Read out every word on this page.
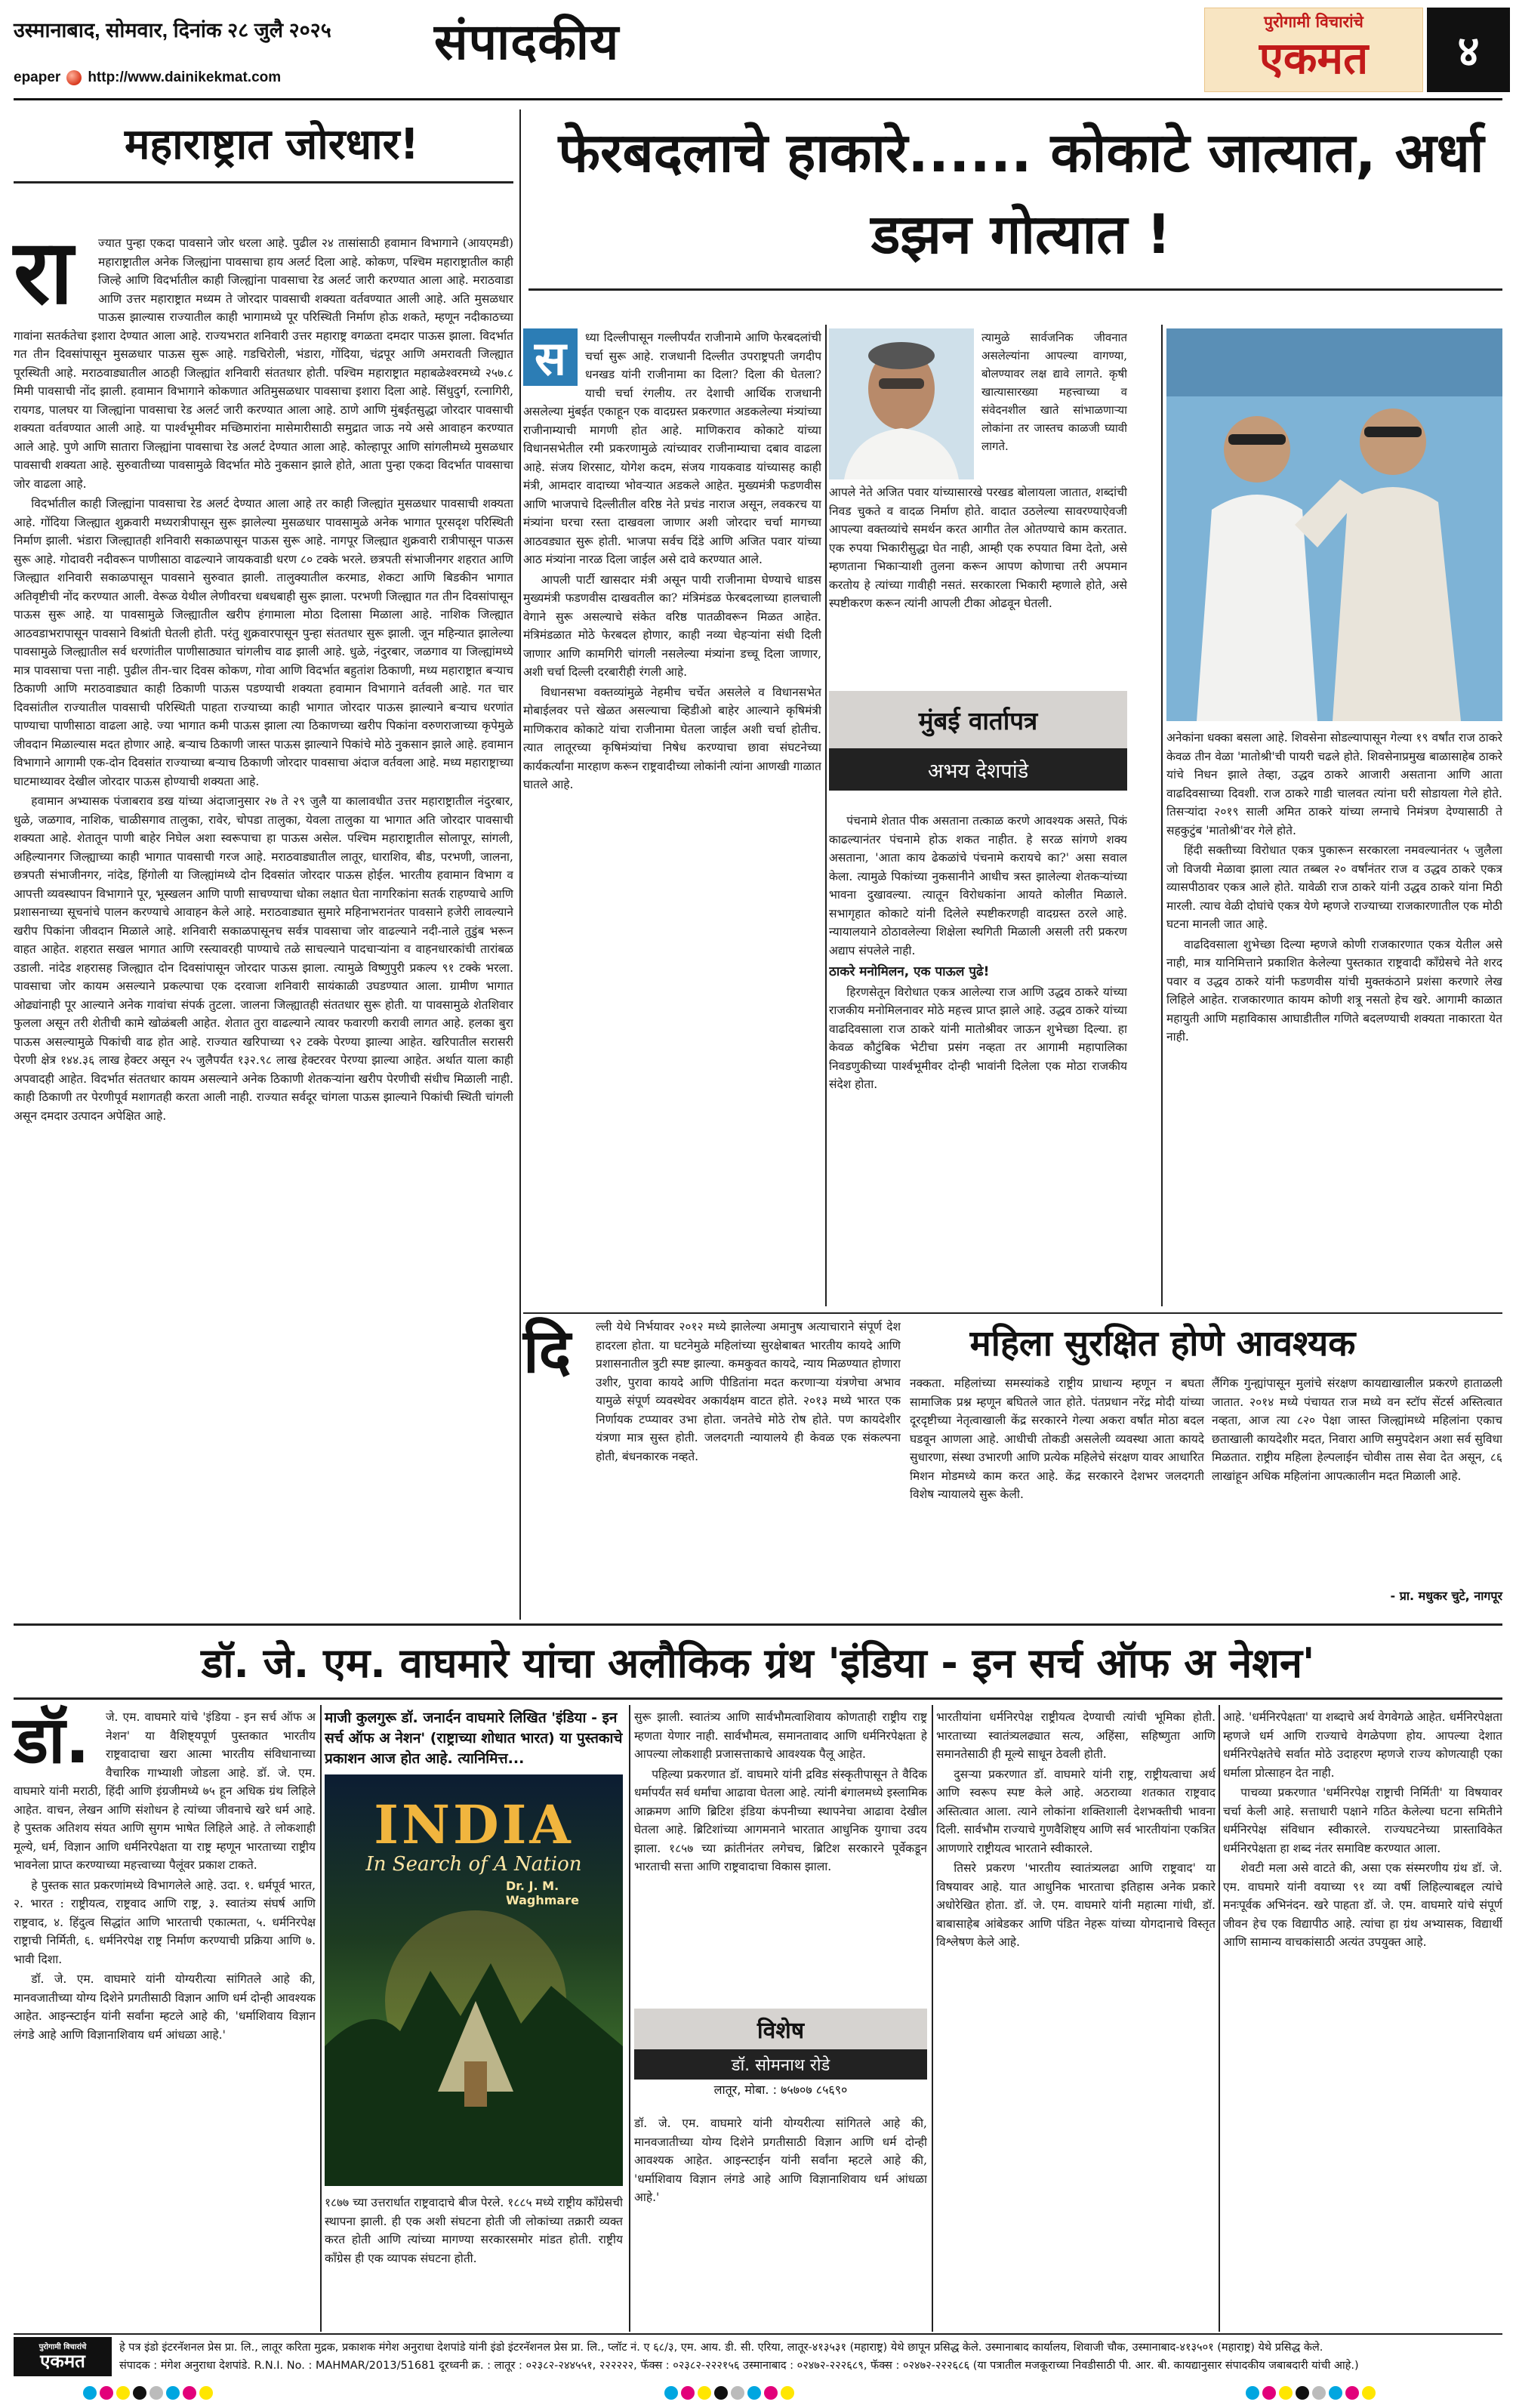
उस्मानाबाद, सोमवार, दिनांक २८ जुलै २०२५
epaper http://www.dainikekmat.com
संपादकीय	पुरोगामी विचारांचे
एकमत	४
महाराष्ट्रात जोरधार!

ज्यात पुन्हा एकदा पावसाने जोर धरला आहे. पुढील २४ तासांसाठी हवामान विभागाने (आयएमडी) महाराष्ट्रातील अनेक जिल्ह्यांना पावसाचा हाय अलर्ट दिला आहे. कोकण, पश्चिम महाराष्ट्रातील काही जिल्हे आणि विदर्भातील काही जिल्ह्यांना पावसाचा रेड अलर्ट जारी करण्यात आला आहे. मराठवाडा आणि उत्तर महाराष्ट्रात मध्यम ते जोरदार पावसाची शक्यता वर्तवण्यात आली आहे. अति मुसळधार पाऊस झाल्यास राज्यातील काही भागामध्ये पूर परिस्थिती निर्माण होऊ शकते, म्हणून नदीकाठच्या गावांना सतर्कतेचा इशारा देण्यात आला आहे. राज्यभरात शनिवारी उत्तर महाराष्ट्र वगळता दमदार पाऊस झाला. विदर्भात गत तीन दिवसांपासून मुसळधार पाऊस सुरू आहे. गडचिरोली, भंडारा, गोंदिया, चंद्रपूर आणि अमरावती जिल्ह्यात पूरस्थिती आहे. मराठवाड्यातील आठही जिल्ह्यांत शनिवारी संततधार होती. पश्चिम महाराष्ट्रात महाबळेश्वरमध्ये २५७.८ मिमी पावसाची नोंद झाली. हवामान विभागाने कोकणात अतिमुसळधार पावसाचा इशारा दिला आहे. सिंधुदुर्ग, रत्नागिरी, रायगड, पालघर या जिल्ह्यांना पावसाचा रेड अलर्ट जारी करण्यात आला आहे. ठाणे आणि मुंबईतसुद्धा जोरदार पावसाची शक्यता वर्तवण्यात आली आहे. या पार्श्वभूमीवर मच्छिमारांना मासेमारीसाठी समुद्रात जाऊ नये असे आवाहन करण्यात आले आहे. पुणे आणि सातारा जिल्ह्यांना पावसाचा रेड अलर्ट देण्यात आला आहे. कोल्हापूर आणि सांगलीमध्ये मुसळधार पावसाची शक्यता आहे. सुरुवातीच्या पावसामुळे विदर्भात मोठे नुकसान झाले होते, आता पुन्हा एकदा विदर्भात पावसाचा जोर वाढला आहे.

विदर्भातील काही जिल्ह्यांना पावसाचा रेड अलर्ट देण्यात आला आहे तर काही जिल्ह्यांत मुसळधार पावसाची शक्यता आहे. गोंदिया जिल्ह्यात शुक्रवारी मध्यरात्रीपासून सुरू झालेल्या मुसळधार पावसामुळे अनेक भागात पूरसदृश परिस्थिती निर्माण झाली. भंडारा जिल्ह्यातही शनिवारी सकाळपासून पाऊस सुरू आहे. नागपूर जिल्ह्यात शुक्रवारी रात्रीपासून पाऊस सुरू आहे. गोदावरी नदीवरून पाणीसाठा वाढल्याने जायकवाडी धरण ८० टक्के भरले. छत्रपती संभाजीनगर शहरात आणि जिल्ह्यात शनिवारी सकाळपासून पावसाने सुरुवात झाली. तालुक्यातील करमाड, शेकटा आणि बिडकीन भागात अतिवृष्टीची नोंद करण्यात आली. वेरूळ येथील लेणीवरचा धबधबाही सुरू झाला. परभणी जिल्ह्यात गत तीन दिवसांपासून पाऊस सुरू आहे. या पावसामुळे जिल्ह्यातील खरीप हंगामाला मोठा दिलासा मिळाला आहे. नाशिक जिल्ह्यात आठवडाभरापासून पावसाने विश्रांती घेतली होती. परंतु शुक्रवारपासून पुन्हा संततधार सुरू झाली. जून महिन्यात झालेल्या पावसामुळे जिल्ह्यातील सर्व धरणांतील पाणीसाठ्यात चांगलीच वाढ झाली आहे. धुळे, नंदुरबार, जळगाव या जिल्ह्यांमध्ये मात्र पावसाचा पत्ता नाही. पुढील तीन-चार दिवस कोकण, गोवा आणि विदर्भात बहुतांश ठिकाणी, मध्य महाराष्ट्रात बऱ्याच ठिकाणी आणि मराठवाड्यात काही ठिकाणी पाऊस पडण्याची शक्यता हवामान विभागाने वर्तवली आहे. गत चार दिवसांतील राज्यातील पावसाची परिस्थिती पाहता राज्याच्या काही भागात जोरदार पाऊस झाल्याने बऱ्याच धरणांत पाण्याचा पाणीसाठा वाढला आहे. ज्या भागात कमी पाऊस झाला त्या ठिकाणच्या खरीप पिकांना वरुणराजाच्या कृपेमुळे जीवदान मिळाल्यास मदत होणार आहे. बऱ्याच ठिकाणी जास्त पाऊस झाल्याने पिकांचे मोठे नुकसान झाले आहे. हवामान विभागाने आगामी एक-दोन दिवसांत राज्याच्या बऱ्याच ठिकाणी जोरदार पावसाचा अंदाज वर्तवला आहे. मध्य महाराष्ट्राच्या घाटमाथ्यावर देखील जोरदार पाऊस होण्याची शक्यता आहे.

हवामान अभ्यासक पंजाबराव डख यांच्या अंदाजानुसार २७ ते २९ जुलै या कालावधीत उत्तर महाराष्ट्रातील नंदुरबार, धुळे, जळगाव, नाशिक, चाळीसगाव तालुका, रावेर, चोपडा तालुका, येवला तालुका या भागात अति जोरदार पावसाची शक्यता आहे. शेतातून पाणी बाहेर निघेल अशा स्वरूपाचा हा पाऊस असेल. पश्चिम महाराष्ट्रातील सोलापूर, सांगली, अहिल्यानगर जिल्ह्याच्या काही भागात पावसाची गरज आहे. मराठवाड्यातील लातूर, धाराशिव, बीड, परभणी, जालना, छत्रपती संभाजीनगर, नांदेड, हिंगोली या जिल्ह्यांमध्ये दोन दिवसांत जोरदार पाऊस होईल. भारतीय हवामान विभाग व आपत्ती व्यवस्थापन विभागाने पूर, भूस्खलन आणि पाणी साचण्याचा धोका लक्षात घेता नागरिकांना सतर्क राहण्याचे आणि प्रशासनाच्या सूचनांचे पालन करण्याचे आवाहन केले आहे. मराठवाड्यात सुमारे महिनाभरानंतर पावसाने हजेरी लावल्याने खरीप पिकांना जीवदान मिळाले आहे. शनिवारी सकाळपासूनच सर्वत्र पावसाचा जोर वाढल्याने नदी-नाले तुडुंब भरून वाहत आहेत. शहरात सखल भागात आणि रस्त्यावरही पाण्याचे तळे साचल्याने पादचाऱ्यांना व वाहनधारकांची तारांबळ उडाली. नांदेड शहरासह जिल्ह्यात दोन दिवसांपासून जोरदार पाऊस झाला. त्यामुळे विष्णुपुरी प्रकल्प ९१ टक्के भरला. पावसाचा जोर कायम असल्याने प्रकल्पाचा एक दरवाजा शनिवारी सायंकाळी उघडण्यात आला. ग्रामीण भागात ओढ्यांनाही पूर आल्याने अनेक गावांचा संपर्क तुटला. जालना जिल्ह्यातही संततधार सुरू होती. या पावसामुळे शेतशिवार फुलला असून तरी शेतीची कामे खोळंबली आहेत. शेतात तुरा वाढल्याने त्यावर फवारणी करावी लागत आहे. हलका बुरा पाऊस असल्यामुळे पिकांची वाढ होत आहे. राज्यात खरिपाच्या ९२ टक्के पेरण्या झाल्या आहेत. खरिपातील सरासरी पेरणी क्षेत्र १४४.३६ लाख हेक्टर असून २५ जुलैपर्यंत १३२.९८ लाख हेक्टरवर पेरण्या झाल्या आहेत. अर्थात याला काही अपवादही आहेत. विदर्भात संततधार कायम असल्याने अनेक ठिकाणी शेतकऱ्यांना खरीप पेरणीची संधीच मिळाली नाही. काही ठिकाणी तर पेरणीपूर्व मशागतही करता आली नाही. राज्यात सर्वदूर चांगला पाऊस झाल्याने पिकांची स्थिती चांगली असून दमदार उत्पादन अपेक्षित आहे.

रा
फेरबदलाचे हाकारे...... कोकाटे जात्यात, अर्धा डझन गोत्यात !

ध्या दिल्लीपासून गल्लीपर्यंत राजीनामे आणि फेरबदलांची चर्चा सुरू आहे. राजधानी दिल्लीत उपराष्ट्रपती जगदीप धनखड यांनी राजीनामा का दिला? दिला की घेतला? याची चर्चा रंगलीय. तर देशाची आर्थिक राजधानी असलेल्या मुंबईत एकाहून एक वादग्रस्त प्रकरणात अडकलेल्या मंत्र्यांच्या राजीनाम्याची मागणी होत आहे. माणिकराव कोकाटे यांच्या विधानसभेतील रमी प्रकरणामुळे त्यांच्यावर राजीनाम्याचा दबाव वाढला आहे. संजय शिरसाट, योगेश कदम, संजय गायकवाड यांच्यासह काही मंत्री, आमदार वादाच्या भोवऱ्यात अडकले आहेत. मुख्यमंत्री फडणवीस आणि भाजपाचे दिल्लीतील वरिष्ठ नेते प्रचंड नाराज असून, लवकरच या मंत्र्यांना घरचा रस्ता दाखवला जाणार अशी जोरदार चर्चा मागच्या आठवड्यात सुरू होती. भाजपा सर्वच दिंडे आणि अजित पवार यांच्या आठ मंत्र्यांना नारळ दिला जाईल असे दावे करण्यात आले.

आपली पार्टी खासदार मंत्री असून पायी राजीनामा घेण्याचे धाडस मुख्यमंत्री फडणवीस दाखवतील का? मंत्रिमंडळ फेरबदलाच्या हालचाली वेगाने सुरू असल्याचे संकेत वरिष्ठ पातळीवरून मिळत आहेत. मंत्रिमंडळात मोठे फेरबदल होणार, काही नव्या चेहऱ्यांना संधी दिली जाणार आणि कामगिरी चांगली नसलेल्या मंत्र्यांना डच्चू दिला जाणार, अशी चर्चा दिल्ली दरबारीही रंगली आहे.

विधानसभा वक्तव्यांमुळे नेहमीच चर्चेत असलेले व विधानसभेत मोबाईलवर पत्ते खेळत असल्याचा व्हिडीओ बाहेर आल्याने कृषिमंत्री माणिकराव कोकाटे यांचा राजीनामा घेतला जाईल अशी चर्चा होतीच. त्यात लातूरच्या कृषिमंत्र्यांचा निषेध करण्याचा छावा संघटनेच्या कार्यकर्त्यांना मारहाण करून राष्ट्रवादीच्या लोकांनी त्यांना आणखी गाळात घातले आहे.

स	त्यामुळे सार्वजनिक जीवनात असलेल्यांना आपल्या वागण्या, बोलण्यावर लक्ष द्यावे लागते. कृषी खात्यासारख्या महत्त्वाच्या व संवेदनशील खाते सांभाळणाऱ्या लोकांना तर जास्तच काळजी घ्यावी लागते.
मुंबई वार्तापत्र
अभय देशपांडे

आपले नेते अजित पवार यांच्यासारखे परखड बोलायला जातात, शब्दांची निवड चुकते व वादळ निर्माण होते. वादात उठलेल्या सावरण्याऐवजी आपल्या वक्तव्यांचे समर्थन करत आगीत तेल ओतण्याचे काम करतात. एक रुपया भिकारीसुद्धा घेत नाही, आम्ही एक रुपयात विमा देतो, असे म्हणताना भिकाऱ्याशी तुलना करून आपण कोणाचा तरी अपमान करतोय हे त्यांच्या गावीही नसतं. सरकारला भिकारी म्हणाले होते, असे स्पष्टीकरण करून त्यांनी आपली टीका ओढवून घेतली.

पंचनामे शेतात पीक असताना तत्काळ करणे आवश्यक असते, पिकं काढल्यानंतर पंचनामे होऊ शकत नाहीत. हे सरळ सांगणे शक्य असताना, 'आता काय ढेकळांचे पंचनामे करायचे का?' असा सवाल केला. त्यामुळे पिकांच्या नुकसानीने आधीच त्रस्त झालेल्या शेतकऱ्यांच्या भावना दुखावल्या. त्यातून विरोधकांना आयते कोलीत मिळाले. सभागृहात कोकाटे यांनी दिलेले स्पष्टीकरणही वादग्रस्त ठरले आहे. न्यायालयाने ठोठावलेल्या शिक्षेला स्थगिती मिळाली असली तरी प्रकरण अद्याप संपलेले नाही.

ठाकरे मनोमिलन, एक पाऊल पुढे!

हिरणसेतून विरोधात एकत्र आलेल्या राज आणि उद्धव ठाकरे यांच्या राजकीय मनोमिलनावर मोठे महत्त्व प्राप्त झाले आहे. उद्धव ठाकरे यांच्या वाढदिवसाला राज ठाकरे यांनी मातोश्रीवर जाऊन शुभेच्छा दिल्या. हा केवळ कौटुंबिक भेटीचा प्रसंग नव्हता तर आगामी महापालिका निवडणुकीच्या पार्श्वभूमीवर दोन्ही भावांनी दिलेला एक मोठा राजकीय संदेश होता.

अनेकांना धक्का बसला आहे. शिवसेना सोडल्यापासून गेल्या १९ वर्षांत राज ठाकरे केवळ तीन वेळा 'मातोश्री'ची पायरी चढले होते. शिवसेनाप्रमुख बाळासाहेब ठाकरे यांचे निधन झाले तेव्हा, उद्धव ठाकरे आजारी असताना आणि आता वाढदिवसाच्या दिवशी. राज ठाकरे गाडी चालवत त्यांना घरी सोडायला गेले होते. तिसऱ्यांदा २०१९ साली अमित ठाकरे यांच्या लग्नाचे निमंत्रण देण्यासाठी ते सहकुटुंब 'मातोश्री'वर गेले होते.

हिंदी सक्तीच्या विरोधात एकत्र पुकारून सरकारला नमवल्यानंतर ५ जुलैला जो विजयी मेळावा झाला त्यात तब्बल २० वर्षांनंतर राज व उद्धव ठाकरे एकत्र व्यासपीठावर एकत्र आले होते. यावेळी राज ठाकरे यांनी उद्धव ठाकरे यांना मिठी मारली. त्याच वेळी दोघांचे एकत्र येणे म्हणजे राज्याच्या राजकारणातील एक मोठी घटना मानली जात आहे.

वाढदिवसाला शुभेच्छा दिल्या म्हणजे कोणी राजकारणात एकत्र येतील असे नाही, मात्र यानिमित्ताने प्रकाशित केलेल्या पुस्तकात राष्ट्रवादी काँग्रेसचे नेते शरद पवार व उद्धव ठाकरे यांनी फडणवीस यांची मुक्तकंठाने प्रशंसा करणारे लेख लिहिले आहेत. राजकारणात कायम कोणी शत्रू नसतो हेच खरे. आगामी काळात महायुती आणि महाविकास आघाडीतील गणिते बदलण्याची शक्यता नाकारता येत नाही.

दि	महिला सुरक्षित होणे आवश्यक
ल्ली येथे निर्भयावर २०१२ मध्ये झालेल्या अमानुष अत्याचाराने संपूर्ण देश हादरला होता. या घटनेमुळे महिलांच्या सुरक्षेबाबत भारतीय कायदे आणि प्रशासनातील त्रुटी स्पष्ट झाल्या. कमकुवत कायदे, न्याय मिळण्यात होणारा उशीर, पुरावा कायदे आणि पीडितांना मदत करणाऱ्या यंत्रणेचा अभाव यामुळे संपूर्ण व्यवस्थेवर अकार्यक्षम वाटत होते. २०१३ मध्ये भारत एक निर्णायक टप्प्यावर उभा होता. जनतेचे मोठे रोष होते. पण कायदेशीर यंत्रणा मात्र सुस्त होती. जलदगती न्यायालये ही केवळ एक संकल्पना होती, बंधनकारक नव्हते.
नक्कता. महिलांच्या समस्यांकडे राष्ट्रीय प्राधान्य म्हणून न बघता सामाजिक प्रश्न म्हणून बघितले जात होते. पंतप्रधान नरेंद्र मोदी यांच्या दूरदृष्टीच्या नेतृत्वाखाली केंद्र सरकारने गेल्या अकरा वर्षांत मोठा बदल घडवून आणला आहे. आधीची तोकडी असलेली व्यवस्था आता कायदे सुधारणा, संस्था उभारणी आणि प्रत्येक महिलेचे संरक्षण यावर आधारित मिशन मोडमध्ये काम करत आहे. केंद्र सरकारने देशभर जलदगती विशेष न्यायालये सुरू केली.
लैंगिक गुन्ह्यांपासून मुलांचे संरक्षण कायद्याखालील प्रकरणे हाताळली जातात. २०१४ मध्ये पंचायत राज मध्ये वन स्टॉप सेंटर्स अस्तित्वात नव्हता, आज त्या ८२० पेक्षा जास्त जिल्ह्यांमध्ये महिलांना एकाच छताखाली कायदेशीर मदत, निवारा आणि समुपदेशन अशा सर्व सुविधा मिळतात. राष्ट्रीय महिला हेल्पलाईन चोवीस तास सेवा देत असून, ८६ लाखांहून अधिक महिलांना आपत्कालीन मदत मिळाली आहे.
- प्रा. मधुकर चुटे, नागपूर
डॉ. जे. एम. वाघमारे यांचा अलौकिक ग्रंथ 'इंडिया - इन सर्च ऑफ अ नेशन'
डॉ.	जे. एम. वाघमारे यांचे 'इंडिया - इन सर्च ऑफ अ नेशन' या वैशिष्ट्यपूर्ण पुस्तकात भारतीय राष्ट्रवादाचा खरा आत्मा भारतीय संविधानाच्या वैचारिक गाभ्याशी जोडला आहे. डॉ. जे. एम. वाघमारे यांनी मराठी, हिंदी आणि इंग्रजीमध्ये ७५ हून अधिक ग्रंथ लिहिले आहेत. वाचन, लेखन आणि संशोधन हे त्यांच्या जीवनाचे खरे धर्म आहे. हे पुस्तक अतिशय संयत आणि सुगम भाषेत लिहिले आहे. ते लोकशाही मूल्ये, धर्म, विज्ञान आणि धर्मनिरपेक्षता या राष्ट्र म्हणून भारताच्या राष्ट्रीय भावनेला प्राप्त करण्याच्या महत्त्वाच्या पैलूंवर प्रकाश टाकते.

हे पुस्तक सात प्रकरणांमध्ये विभागलेले आहे. उदा. १. धर्मपूर्व भारत, २. भारत : राष्ट्रीयत्व, राष्ट्रवाद आणि राष्ट्र, ३. स्वातंत्र्य संघर्ष आणि राष्ट्रवाद, ४. हिंदुत्व सिद्धांत आणि भारताची एकात्मता, ५. धर्मनिरपेक्ष राष्ट्राची निर्मिती, ६. धर्मनिरपेक्ष राष्ट्र निर्माण करण्याची प्रक्रिया आणि ७. भावी दिशा.

डॉ. जे. एम. वाघमारे यांनी योग्यरीत्या सांगितले आहे की, मानवजातीच्या योग्य दिशेने प्रगतीसाठी विज्ञान आणि धर्म दोन्ही आवश्यक आहेत. आइन्स्टाईन यांनी सर्वांना म्हटले आहे की, 'धर्माशिवाय विज्ञान लंगडे आहे आणि विज्ञानाशिवाय धर्म आंधळा आहे.'

माजी कुलगुरू डॉ. जनार्दन वाघमारे लिखित 'इंडिया - इन सर्च ऑफ अ नेशन' (राष्ट्राच्या शोधात भारत) या पुस्तकाचे प्रकाशन आज होत आहे. त्यानिमित्त...
INDIA
In Search of A Nation
Dr. J. M. Waghmare
१८७७ च्या उत्तरार्धात राष्ट्रवादाचे बीज पेरले. १८८५ मध्ये राष्ट्रीय काँग्रेसची स्थापना झाली. ही एक अशी संघटना होती जी लोकांच्या तक्रारी व्यक्त करत होती आणि त्यांच्या मागण्या सरकारसमोर मांडत होती. राष्ट्रीय काँग्रेस ही एक व्यापक संघटना होती.

सुरू झाली. स्वातंत्र्य आणि सार्वभौमत्वाशिवाय कोणताही राष्ट्रीय राष्ट्र म्हणता येणार नाही. सार्वभौमत्व, समानतावाद आणि धर्मनिरपेक्षता हे आपल्या लोकशाही प्रजासत्ताकाचे आवश्यक पैलू आहेत.

पहिल्या प्रकरणात डॉ. वाघमारे यांनी द्रविड संस्कृतीपासून ते वैदिक धर्मापर्यंत सर्व धर्मांचा आढावा घेतला आहे. त्यांनी बंगालमध्ये इस्लामिक आक्रमण आणि ब्रिटिश इंडिया कंपनीच्या स्थापनेचा आढावा देखील घेतला आहे. ब्रिटिशांच्या आगमनाने भारतात आधुनिक युगाचा उदय झाला. १८५७ च्या क्रांतीनंतर लगेचच, ब्रिटिश सरकारने पूर्वेकडून भारताची सत्ता आणि राष्ट्रवादाचा विकास झाला.

विशेष
डॉ. सोमनाथ रोडे
लातूर, मोबा. : ७५७०७ ८५६९०
डॉ. जे. एम. वाघमारे यांनी योग्यरीत्या सांगितले आहे की, मानवजातीच्या योग्य दिशेने प्रगतीसाठी विज्ञान आणि धर्म दोन्ही आवश्यक आहेत. आइन्स्टाईन यांनी सर्वांना म्हटले आहे की, 'धर्माशिवाय विज्ञान लंगडे आहे आणि विज्ञानाशिवाय धर्म आंधळा आहे.'

भारतीयांना धर्मनिरपेक्ष राष्ट्रीयत्व देण्याची त्यांची भूमिका होती. भारताच्या स्वातंत्र्यलढ्यात सत्य, अहिंसा, सहिष्णुता आणि समानतेसाठी ही मूल्ये साधून ठेवली होती.

दुसऱ्या प्रकरणात डॉ. वाघमारे यांनी राष्ट्र, राष्ट्रीयत्वाचा अर्थ आणि स्वरूप स्पष्ट केले आहे. अठराव्या शतकात राष्ट्रवाद अस्तित्वात आला. त्याने लोकांना शक्तिशाली देशभक्तीची भावना दिली. सार्वभौम राज्याचे गुणवैशिष्ट्य आणि सर्व भारतीयांना एकत्रित आणणारे राष्ट्रीयत्व भारताने स्वीकारले.

तिसरे प्रकरण 'भारतीय स्वातंत्र्यलढा आणि राष्ट्रवाद' या विषयावर आहे. यात आधुनिक भारताचा इतिहास अनेक प्रकारे अधोरेखित होता. डॉ. जे. एम. वाघमारे यांनी महात्मा गांधी, डॉ. बाबासाहेब आंबेडकर आणि पंडित नेहरू यांच्या योगदानाचे विस्तृत विश्लेषण केले आहे.

आहे. 'धर्मनिरपेक्षता' या शब्दाचे अर्थ वेगवेगळे आहेत. धर्मनिरपेक्षता म्हणजे धर्म आणि राज्याचे वेगळेपणा होय. आपल्या देशात धर्मनिरपेक्षतेचे सर्वात मोठे उदाहरण म्हणजे राज्य कोणत्याही एका धर्माला प्रोत्साहन देत नाही.

पाचव्या प्रकरणात 'धर्मनिरपेक्ष राष्ट्राची निर्मिती' या विषयावर चर्चा केली आहे. सत्ताधारी पक्षाने गठित केलेल्या घटना समितीने धर्मनिरपेक्ष संविधान स्वीकारले. राज्यघटनेच्या प्रास्ताविकेत धर्मनिरपेक्षता हा शब्द नंतर समाविष्ट करण्यात आला.

शेवटी मला असे वाटते की, असा एक संस्मरणीय ग्रंथ डॉ. जे. एम. वाघमारे यांनी वयाच्या ९१ व्या वर्षी लिहिल्याबद्दल त्यांचे मनःपूर्वक अभिनंदन. खरे पाहता डॉ. जे. एम. वाघमारे यांचे संपूर्ण जीवन हेच एक विद्यापीठ आहे. त्यांचा हा ग्रंथ अभ्यासक, विद्यार्थी आणि सामान्य वाचकांसाठी अत्यंत उपयुक्त आहे.

पुरोगामी विचारांचे
एकमत
हे पत्र इंडो इंटरनॅशनल प्रेस प्रा. लि., लातूर करिता मुद्रक, प्रकाशक मंगेश अनुराधा देशपांडे यांनी इंडो इंटरनॅशनल प्रेस प्रा. लि., प्लॉट नं. ए ६८/३, एम. आय. डी. सी. एरिया, लातूर-४१३५३१ (महाराष्ट्र) येथे छापून प्रसिद्ध केले. उस्मानाबाद कार्यालय, शिवाजी चौक, उस्मानाबाद-४१३५०१ (महाराष्ट्र) येथे प्रसिद्ध केले.
संपादक : मंगेश अनुराधा देशपांडे. R.N.I. No. : MAHMAR/2013/51681 दूरध्वनी क्र. : लातूर : ०२३८२-२४४५५१, २२२२२२, फॅक्स : ०२३८२-२२२१५६ उस्मानाबाद : ०२४७२-२२२६८९, फॅक्स : ०२४७२-२२२६८६ (या पत्रातील मजकूराच्या निवडीसाठी पी. आर. बी. कायद्यानुसार संपादकीय जबाबदारी यांची आहे.)
